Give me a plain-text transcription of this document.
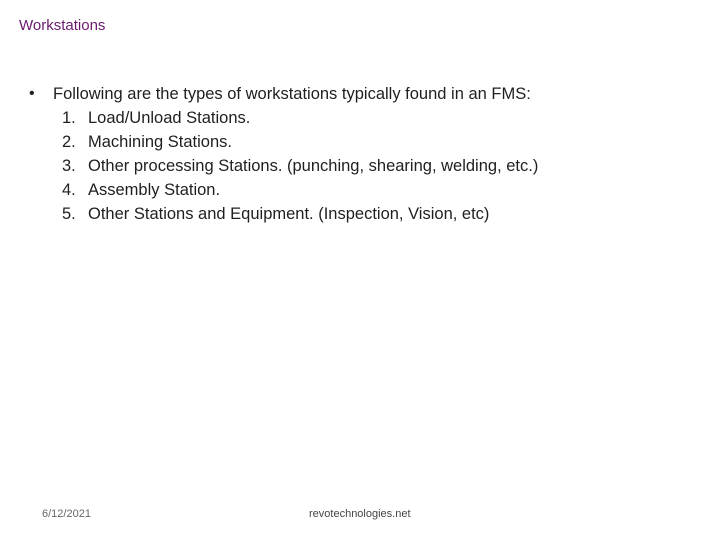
Workstations
• Following are the types of workstations typically found in an FMS:
1. Load/Unload Stations.
2. Machining Stations.
3. Other processing Stations. (punching, shearing, welding, etc.)
4. Assembly Station.
5. Other Stations and Equipment. (Inspection, Vision, etc)
6/12/2021	revotechnologies.net
